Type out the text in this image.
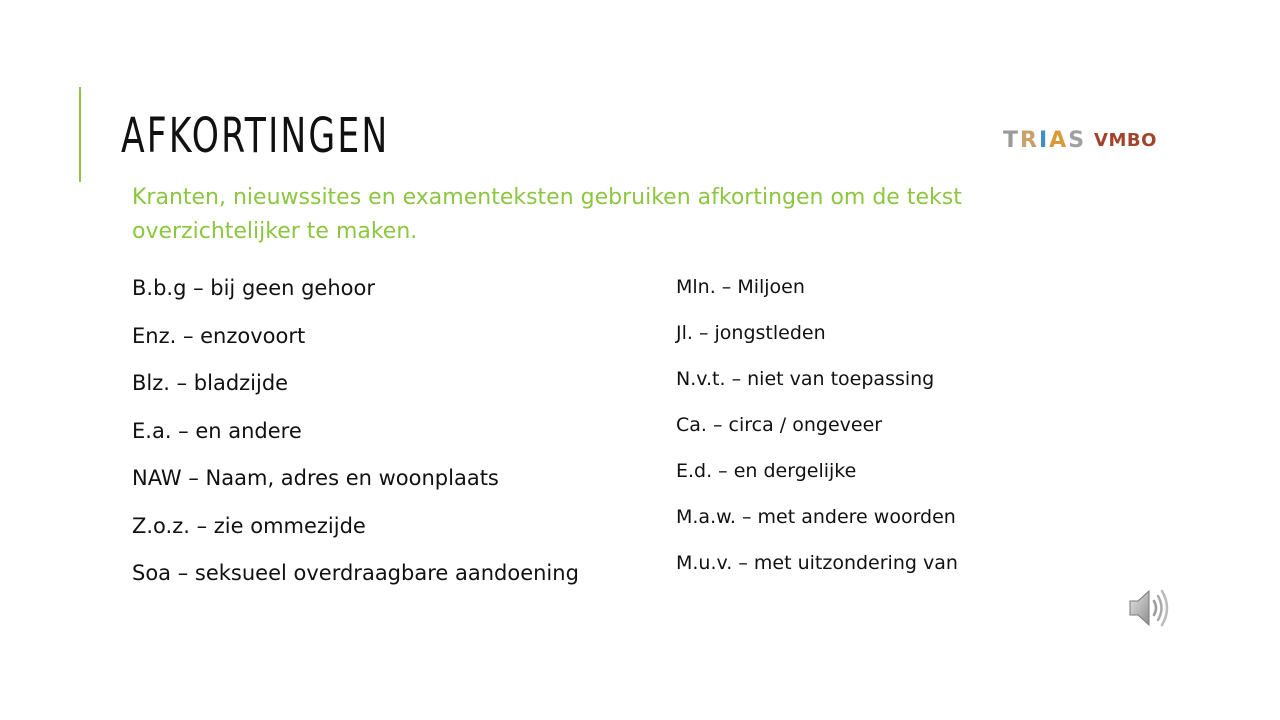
AFKORTINGEN	T R I A S VMBO
Kranten, nieuwssites en examenteksten gebruiken afkortingen om de tekst overzichtelijker te maken.
B.b.g – bij geen gehoor
Enz. – enzovoort
Blz. – bladzijde
E.a. – en andere
NAW – Naam, adres en woonplaats
Z.o.z. – zie ommezijde
Soa – seksueel overdraagbare aandoening
Mln. – Miljoen
Jl. – jongstleden
N.v.t. – niet van toepassing
Ca. – circa / ongeveer
E.d. – en dergelijke
M.a.w. – met andere woorden
M.u.v. – met uitzondering van
